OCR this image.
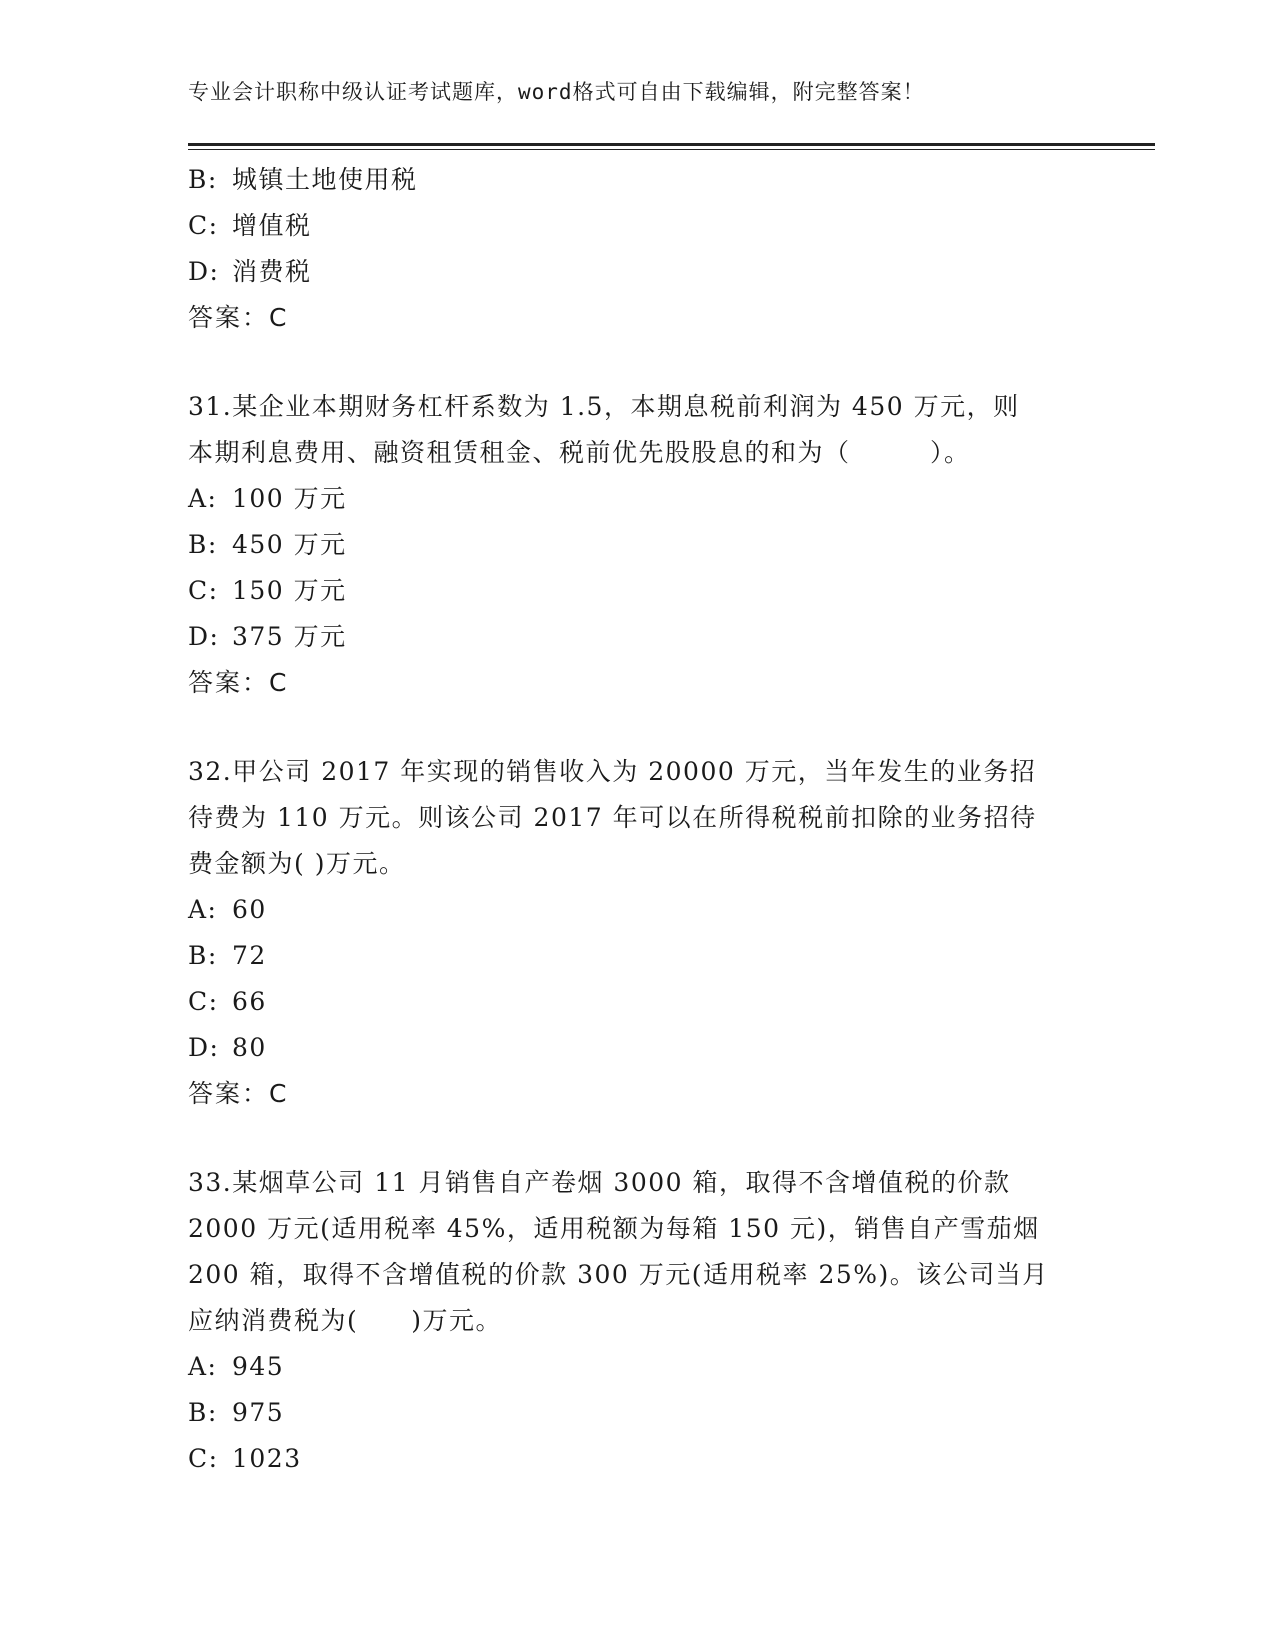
专业会计职称中级认证考试题库，word格式可自由下载编辑，附完整答案！
B: 城镇土地使用税
C: 增值税
D: 消费税
答案：C
31.某企业本期财务杠杆系数为 1.5，本期息税前利润为 450 万元，则
本期利息费用、融资租赁租金、税前优先股股息的和为（　　　）。
A: 100 万元
B: 450 万元
C: 150 万元
D: 375 万元
答案：C
32.甲公司 2017 年实现的销售收入为 20000 万元，当年发生的业务招
待费为 110 万元。则该公司 2017 年可以在所得税税前扣除的业务招待
费金额为( )万元。
A: 60
B: 72
C: 66
D: 80
答案：C
33.某烟草公司 11 月销售自产卷烟 3000 箱，取得不含增值税的价款
2000 万元(适用税率 45%，适用税额为每箱 150 元)，销售自产雪茄烟
200 箱，取得不含增值税的价款 300 万元(适用税率 25%)。该公司当月
应纳消费税为(　　)万元。
A: 945
B: 975
C: 1023
